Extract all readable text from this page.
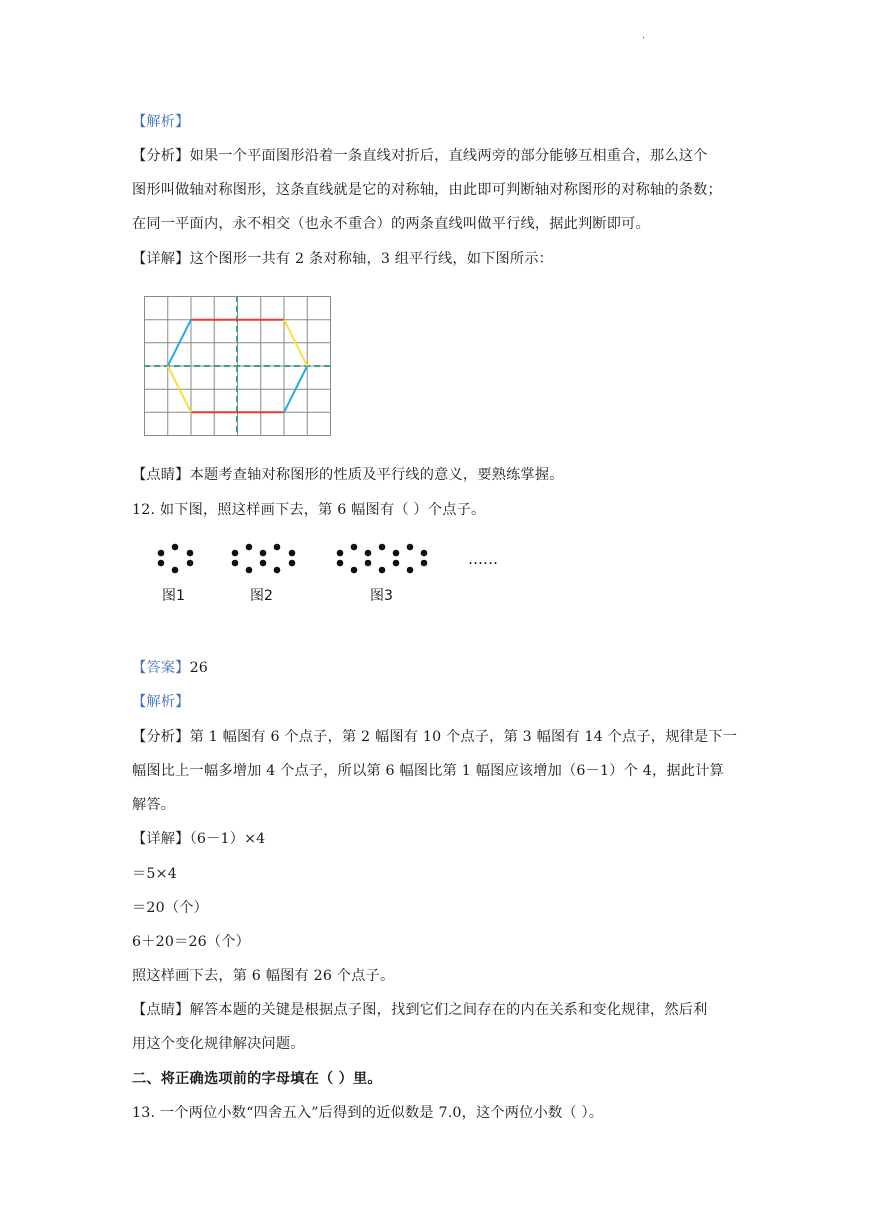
.
【解析】
【分析】如果一个平面图形沿着一条直线对折后，直线两旁的部分能够互相重合，那么这个
图形叫做轴对称图形，这条直线就是它的对称轴，由此即可判断轴对称图形的对称轴的条数；
在同一平面内，永不相交（也永不重合）的两条直线叫做平行线，据此判断即可。
【详解】这个图形一共有 2 条对称轴，3 组平行线，如下图所示：
【点睛】本题考查轴对称图形的性质及平行线的意义，要熟练掌握。
12. 如下图，照这样画下去，第 6 幅图有（ ）个点子。
……
图1	图2	图3
【答案】26
【解析】
【分析】第 1 幅图有 6 个点子，第 2 幅图有 10 个点子，第 3 幅图有 14 个点子，规律是下一
幅图比上一幅多增加 4 个点子，所以第 6 幅图比第 1 幅图应该增加（6－1）个 4，据此计算
解答。
【详解】（6－1）×4
＝5×4
＝20（个）
6＋20＝26（个）
照这样画下去，第 6 幅图有 26 个点子。
【点睛】解答本题的关键是根据点子图，找到它们之间存在的内在关系和变化规律，然后利
用这个变化规律解决问题。
二、将正确选项前的字母填在（ ）里。
13. 一个两位小数“四舍五入”后得到的近似数是 7.0，这个两位小数（ ）。
